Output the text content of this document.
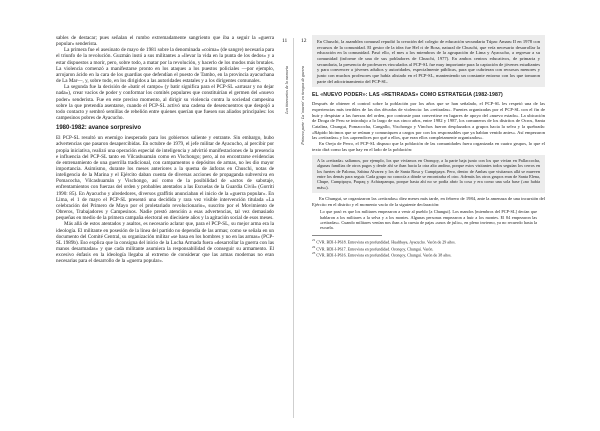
sables de destacar; pues señalan el rumbo extremadamente sangriento que iba a seguir la «guerra popular» senderista.

La primera fue el asesinato de mayo de 1981 sobre la denominada «coima» (de sangre) necesaria para el triunfo de la revolución. Guzmán instó a sus militantes a «llevar la vida en la punta de los dedos» y a estar dispuestos a morir, pero, sobre todo, a matar por la revolución, y hacerlo de los modos más brutales. La violencia comenzó a manifestarse pronto en los ataques a los puestos policiales —por ejemplo, arrojaron ácido en la cara de los guardias que defendían el puesto de Tambo, en la provincia ayacuchana de La Mar—, y, sobre todo, en los dirigidos a las autoridades estatales y a los dirigentes comunales.

La segunda fue la decisión de «batir el campo» (y batir significa para el PCP-SL «arrasar y no dejar nada»), crear vacíos de poder y conformar los comités populares que constituirían el germen del «nuevo poder» senderista. Fue en este preciso momento, al dirigir su violencia contra la sociedad campesina sobre la que pretendía asentarse, cuando el PCP-SL activó una cadena de desencuentros que despojó a todo contacto y sembró semillas de rebelión entre quienes querían que fuesen sus aliados principales: los campesinos pobres de Ayacucho.

1980-1982: avance sorpresivo

El PCP-SL resultó un enemigo inesperado para los gobiernos saliente y entrante. Sin embargo, hubo advertencias que pasaron desapercibidas. En octubre de 1979, el jefe militar de Ayacucho, al percibir por propia iniciativa, realizó una operación especial de inteligencia y advirtió manifestaciones de la presencia e influencia del PCP-SL tanto en Vilcashuamán como en Vischongo; pero, al no encontrarse evidencias de entrenamiento de una guerrilla tradicional, con campamentos o depósitos de armas, no les dio mayor importancia. Asimismo, durante los meses anteriores a la quema de ánforas en Chuschi, notas de inteligencia de la Marina y el Ejército daban cuenta de diversas acciones de propaganda subversiva en Pomacocha, Vilcashuamán y Vischongo, así como de la posibilidad de «actos de sabotaje, enfrentamientos con fuerzas del orden y probables atentados a las Escuelas de la Guardia Civil» (Gorriti 1990: 85). En Ayacucho y alrededores, diversos graffitis anunciaban el inicio de la «guerra popular». En Lima, el 1 de mayo el PCP-SL presentó una decidida y rara vez visible intervención titulada «La celebración del Primero de Mayo por el proletariado revolucionario», suscrito por el Movimiento de Obreros, Trabajadores y Campesinos. Nadie prestó atención a esas advertencias, tal vez demasiado pequeñas en medio de la primera campaña electoral en diecisiete años y la agitación social de esos meses.

Más allá de estos atentados y asaltos, es necesario aclarar que, para el PCP-SL, su mejor arma era la ideología. El militante en posesión de la línea del partido no dependía de las armas; como se señala en un documento del Comité Central, su organización militar «se basa en los hombres y no en las armas» (PCP-SL 1989b). Eso explica que la consigna del inicio de la Lucha Armada fuera «desarrollar la guerra con las manos desarmadas» y que cada militante asumiera la responsabilidad de conseguir su armamento. El excesivo énfasis en la ideología llegaba al extremo de considerar que las armas modernas no eran necesarias para el desarrollo de la «guerra popular».

11
Los itinerarios de la memoria
12
Primera parte · La 'muerte' en tiempos de guerra

En Chuschi, la asamblea comunal repudió la creación del colegio de educación secundaria Túpac Amaru II en 1978 con recursos de la comunidad. El gestor de la idea fue Hel ri de Bosa, natural de Chuschi, que veía necesario desarrollar la educación en la comunidad. Pasó ello, el mes a los miembros de la agrupación de Lima y Ayacucho, a regresar a su comunidad (informe de una de sus pobladores de Chuschi, 1977). En ambos centros educativos, de primaria y secundaria, la presencia de profesores vinculados al PCP-SL fue muy importante para la captación de jóvenes estudiantes y para convencer a jóvenes adultos y autoridades, especialmente públicas, para que cubrieran con recursos menores y junto con muchos profesores que había alistado en el PCP-SL, manteniendo un constante entorno con los que tomaron parte del adoctrinamiento del PCP-SL.

EL «NUEVO PODER»: LAS «RETIRADAS» COMO ESTRATEGIA (1982-1987)

Después de obtener el control sobre la población por los años que se han señalado, el PCP-SL les respetó una de las experiencias más terribles de las dos décadas de violencia: las «retiradas». Fuentes organizadas por el PCP-SL con el fin de huir y despistar a las fuerzas del orden, por contraste para convertirse en lugares de apoyo del «nuevo estado». La ubicación de Droga de Peru se introdujo a lo largo de sus cinco años, entre 1982 y 1987, los comuneros de los distritos de Ocros, Santa Catalina, Chungui, Pomacocha, Cangallo, Vischongo y Vinchos fueron desplazados a grupos hacia la selva y la quebrada: «Rápido hicimos que se reúnan y comuniquen a cargos por con los responsables que ya habían venido antes». Así empezaron las «retiradas» y los «aprendices por qué a ellos, que eran ellos completamente organizados».

En Oreja de Perro, el PCP-SL dispuso que la población de las comunidades fuera organizada en cuatro grupos, lo que el texto dirá como las que hay en el lado de la población:

A la «retirada» salíamos, por ejemplo, los que vivíamos en Oronqoy, a la parte baja junto con los que vivían en Pallaccocha, algunas familias de otros pagos y desde ahí se iban hacia la otra alto andino, porque estos visitantes todos seguían los cerros en los fuertes de Paloma, Sabina Alvarez y los de Santa Rosa y Cumpipaya. Pero, dentro de Ambas que visitamos allá se mueven entre los demás para seguir. Cada grupo no conocía a dónde se encontraba el otro. Además los otros grupos eran de Santa Elena, Chupe, Cumpipaya, Paqraq y Achirapampa, porque hasta ahí no se podía abrir la cosa y era como una sola base («no había más»).

En Chungui, se organizaron las «retiradas» diez meses más tarde, en febrero de 1984, ante la amenaza de una incursión del Ejército en el distrito y el momento vacío de la siguiente declaración:

Lo que pasó es que los militares empezaron a venir al pueblo [a Chungui]. Los mandos [miembros del PCP-SL] decían que hablaron a los militares a la selva y a los montes. Algunas personas empezaron a huir a los montes. El 84 empezaron las «retiradas». Cuando militares venían nos iban a la cuesta de pajas «unos de julio», en pleno invierno, ya no recuerdo hasta la escuela.

$^{21}$ CVR. BDI-I-P618. Entrevista en profundidad. Huañbaya, Ayacucho. Varón de 29 años.

$^{22}$ CVR. BDI-I-P617. Entrevista en profundidad. Oronqoy, Chungui. Varón.

$^{23}$ CVR. BDI-I-P616. Entrevista en profundidad. Oronqoy, Chungui. Varón de 38 años.
